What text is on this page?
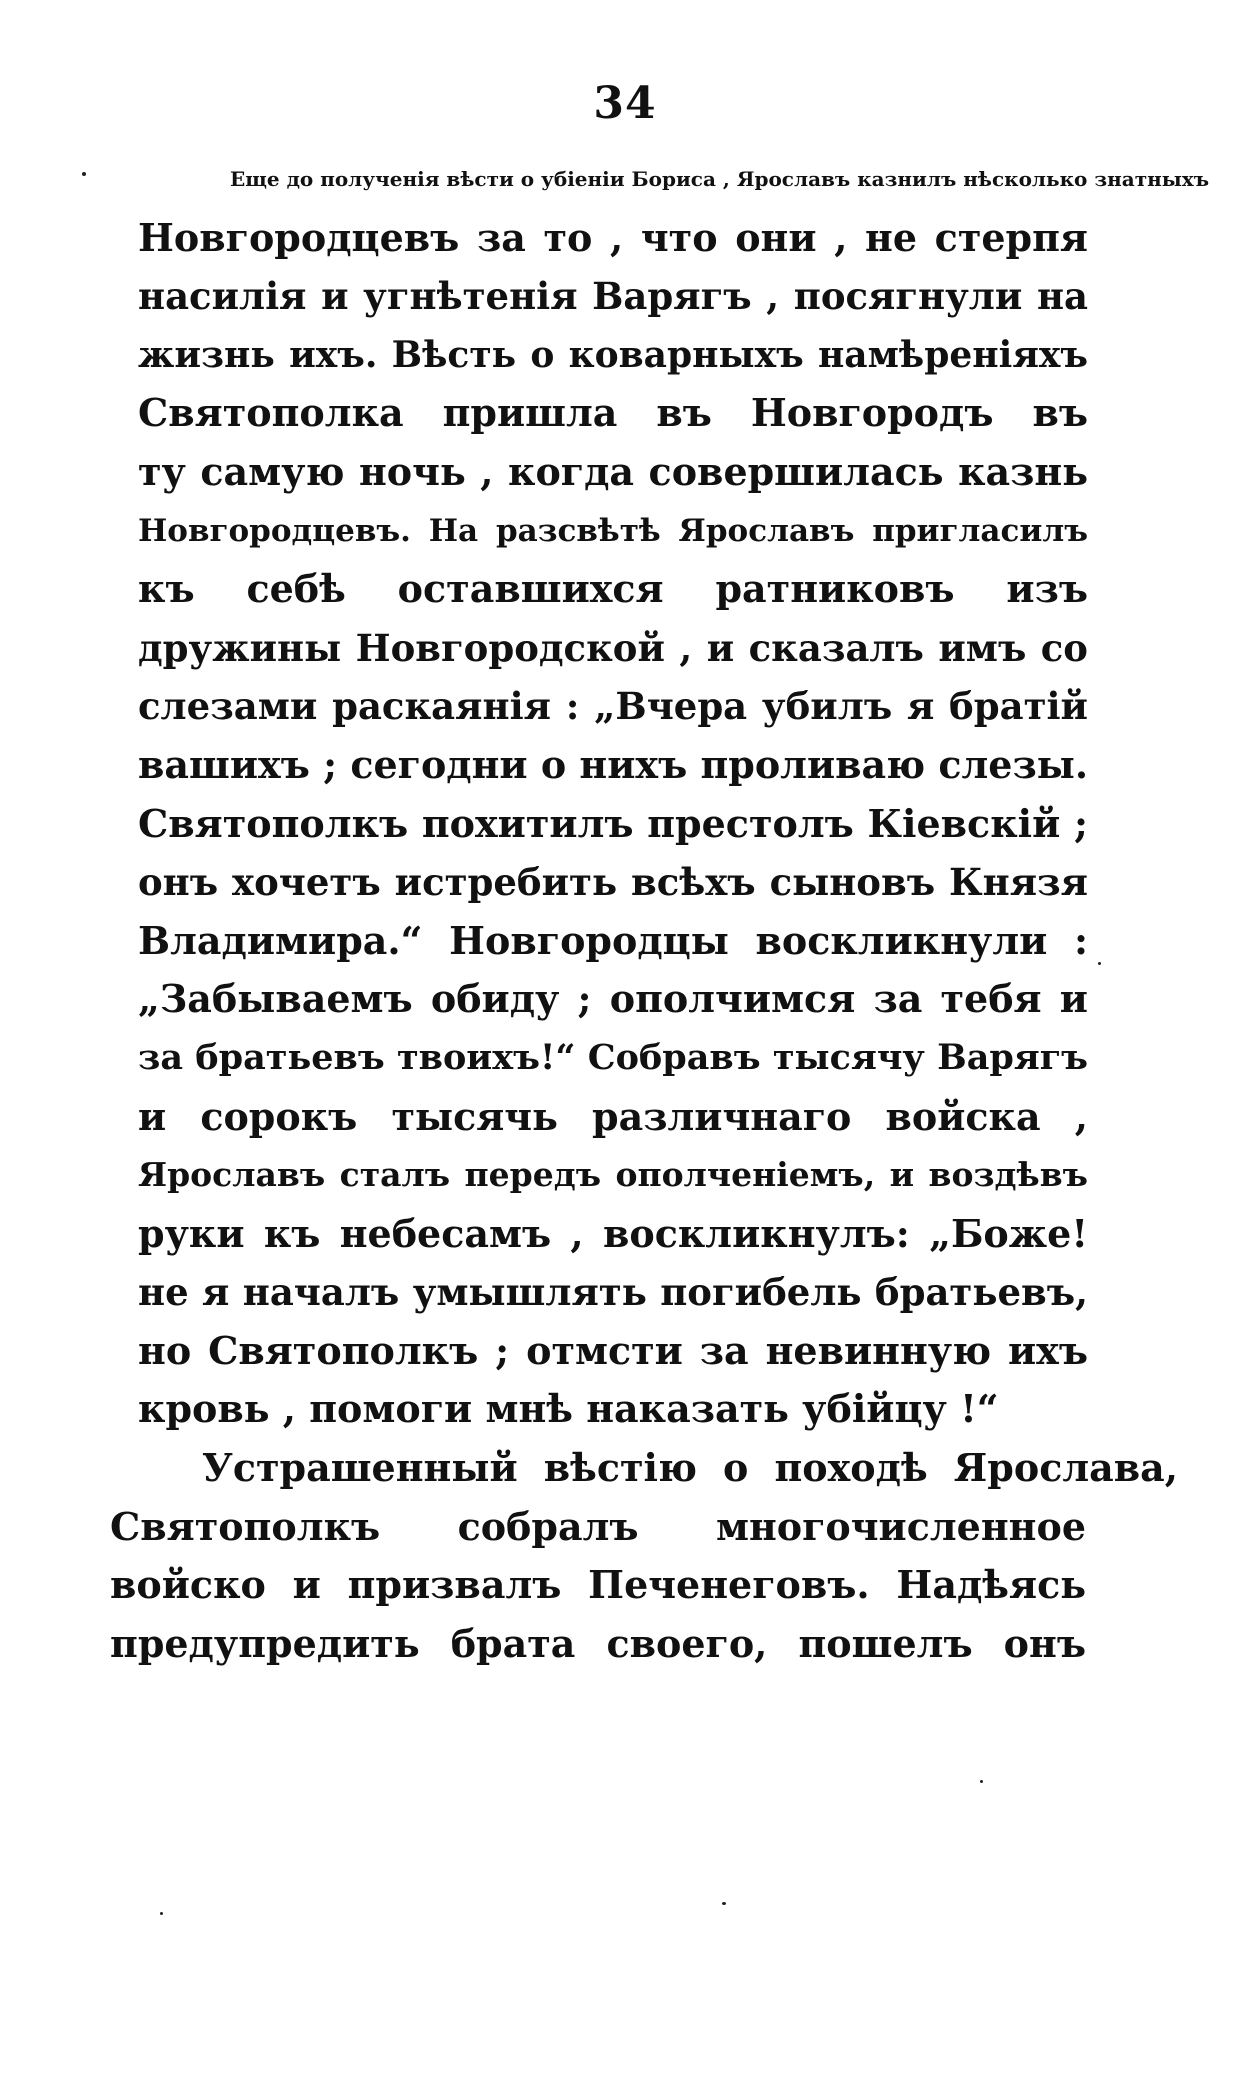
34
Еще до полученія вѣсти о убіеніи Бориса , Ярославъ казнилъ нѣсколько знатныхъ
Новгородцевъ за то , что они , не стерпя
насилія и угнѣтенія Варягъ , посягнули на
жизнь ихъ. Вѣсть о коварныхъ намѣреніяхъ
Святополка пришла въ Новгородъ въ
ту самую ночь , когда совершилась казнь
Новгородцевъ. На разсвѣтѣ Ярославъ пригласилъ
къ себѣ оставшихся ратниковъ изъ
дружины Новгородской , и сказалъ имъ со
слезами раскаянія : „Вчера убилъ я братій
вашихъ ; сегодни о нихъ проливаю слезы.
Святополкъ похитилъ престолъ Кіевскій ;
онъ хочетъ истребить всѣхъ сыновъ Князя
Владимира.“ Новгородцы воскликнули :
„Забываемъ обиду ; ополчимся за тебя и
за братьевъ твоихъ!“ Собравъ тысячу Варягъ
и сорокъ тысячь различнаго войска ,
Ярославъ сталъ передъ ополченіемъ, и воздѣвъ
руки къ небесамъ , воскликнулъ: „Боже!
не я началъ умышлять погибель братьевъ,
но Святополкъ ; отмсти за невинную ихъ
кровь , помоги мнѣ наказать убійцу !“
Устрашенный вѣстію о походѣ Ярослава,
Святополкъ собралъ многочисленное
войско и призвалъ Печенеговъ. Надѣясь
предупредить брата своего, пошелъ онъ
